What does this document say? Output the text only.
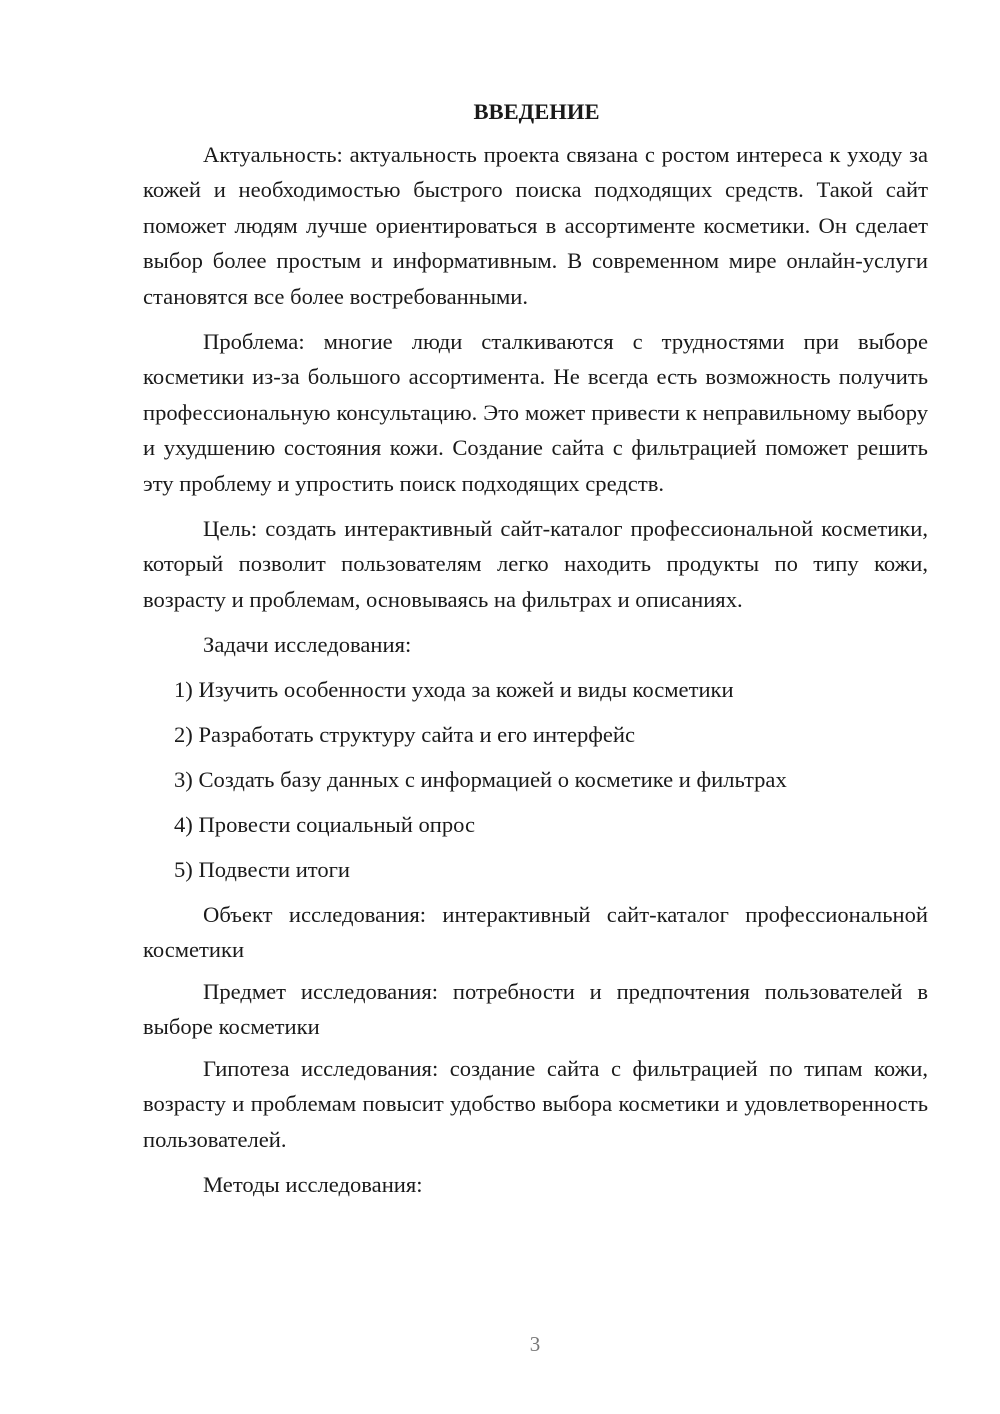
ВВЕДЕНИЕ

Актуальность: актуальность проекта связана с ростом интереса к уходу за кожей и необходимостью быстрого поиска подходящих средств. Такой сайт поможет людям лучше ориентироваться в ассортименте косметики. Он сделает выбор более простым и информативным. В современном мире онлайн-услуги становятся все более востребованными.

Проблема: многие люди сталкиваются с трудностями при выборе косметики из-за большого ассортимента. Не всегда есть возможность получить профессиональную консультацию. Это может привести к неправильному выбору и ухудшению состояния кожи. Создание сайта с фильтрацией поможет решить эту проблему и упростить поиск подходящих средств.

Цель: создать интерактивный сайт-каталог профессиональной косметики, который позволит пользователям легко находить продукты по типу кожи, возрасту и проблемам, основываясь на фильтрах и описаниях.

Задачи исследования:

1) Изучить особенности ухода за кожей и виды косметики
2) Разработать структуру сайта и его интерфейс
3) Создать базу данных с информацией о косметике и фильтрах
4) Провести социальный опрос
5) Подвести итоги

Объект исследования: интерактивный сайт-каталог профессиональной косметики

Предмет исследования: потребности и предпочтения пользователей в выборе косметики

Гипотеза исследования: создание сайта с фильтрацией по типам кожи, возрасту и проблемам повысит удобство выбора косметики и удовлетворенность пользователей.

Методы исследования:

3
